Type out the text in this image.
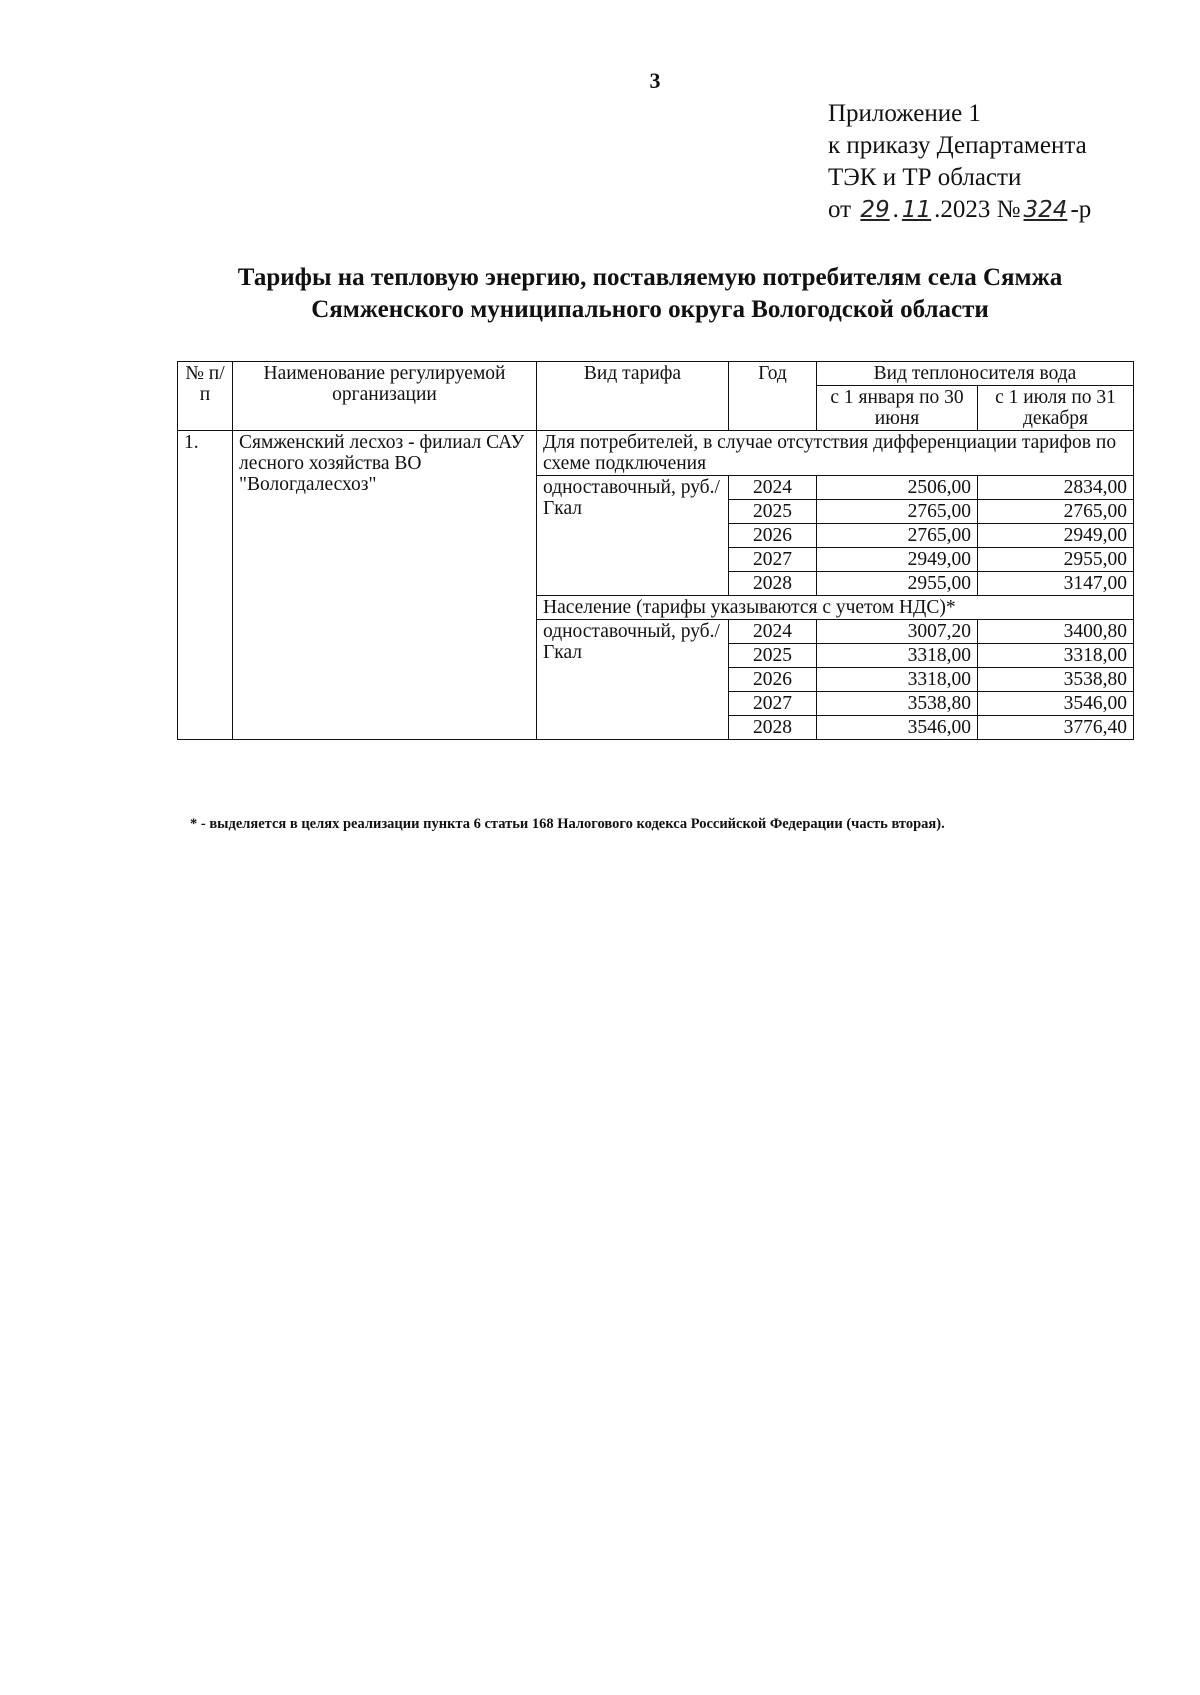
3
Приложение 1
к приказу Департамента
ТЭК и ТР области
от 29 . 11 .2023 № 324 -р
Тарифы на тепловую энергию, поставляемую потребителям села Сямжа
Сямженского муниципального округа Вологодской области
№ п/п	Наименование регулируемой организации	Вид тарифа	Год	Вид теплоносителя вода	
				с 1 января по 30 июня	с 1 июля по 31 декабря
1.	Сямженский лесхоз - филиал САУ лесного хозяйства ВО "Вологдалесхоз"	Для потребителей, в случае отсутствия дифференциации тарифов по схеме подключения			
		одноставочный, руб./Гкал	2024	2506,00	2834,00
			2025	2765,00	2765,00
			2026	2765,00	2949,00
			2027	2949,00	2955,00
			2028	2955,00	3147,00
		Население (тарифы указываются с учетом НДС)*			
		одноставочный, руб./Гкал	2024	3007,20	3400,80
			2025	3318,00	3318,00
			2026	3318,00	3538,80
			2027	3538,80	3546,00
			2028	3546,00	3776,40
* - выделяется в целях реализации пункта 6 статьи 168 Налогового кодекса Российской Федерации (часть вторая).
